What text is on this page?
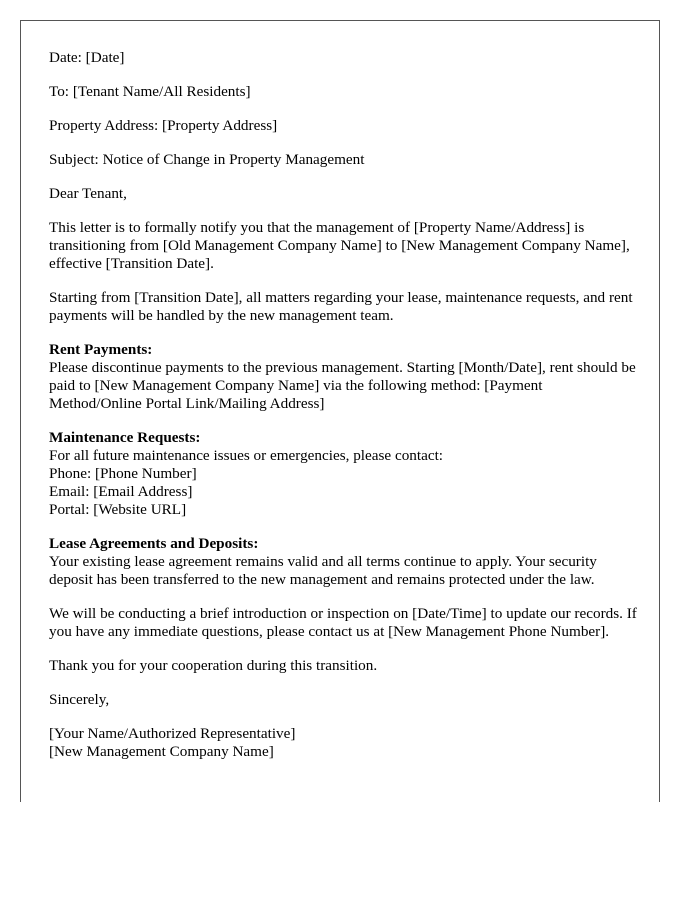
Date: [Date]

To: [Tenant Name/All Residents]

Property Address: [Property Address]

Subject: Notice of Change in Property Management

Dear Tenant,

This letter is to formally notify you that the management of [Property Name/Address] is transitioning from [Old Management Company Name] to [New Management Company Name], effective [Transition Date].

Starting from [Transition Date], all matters regarding your lease, maintenance requests, and rent payments will be handled by the new management team.

Rent Payments:
Please discontinue payments to the previous management. Starting [Month/Date], rent should be paid to [New Management Company Name] via the following method: [Payment Method/Online Portal Link/Mailing Address]

Maintenance Requests:
For all future maintenance issues or emergencies, please contact:
Phone: [Phone Number]
Email: [Email Address]
Portal: [Website URL]

Lease Agreements and Deposits:
Your existing lease agreement remains valid and all terms continue to apply. Your security deposit has been transferred to the new management and remains protected under the law.

We will be conducting a brief introduction or inspection on [Date/Time] to update our records. If you have any immediate questions, please contact us at [New Management Phone Number].

Thank you for your cooperation during this transition.

Sincerely,

[Your Name/Authorized Representative]
[New Management Company Name]
